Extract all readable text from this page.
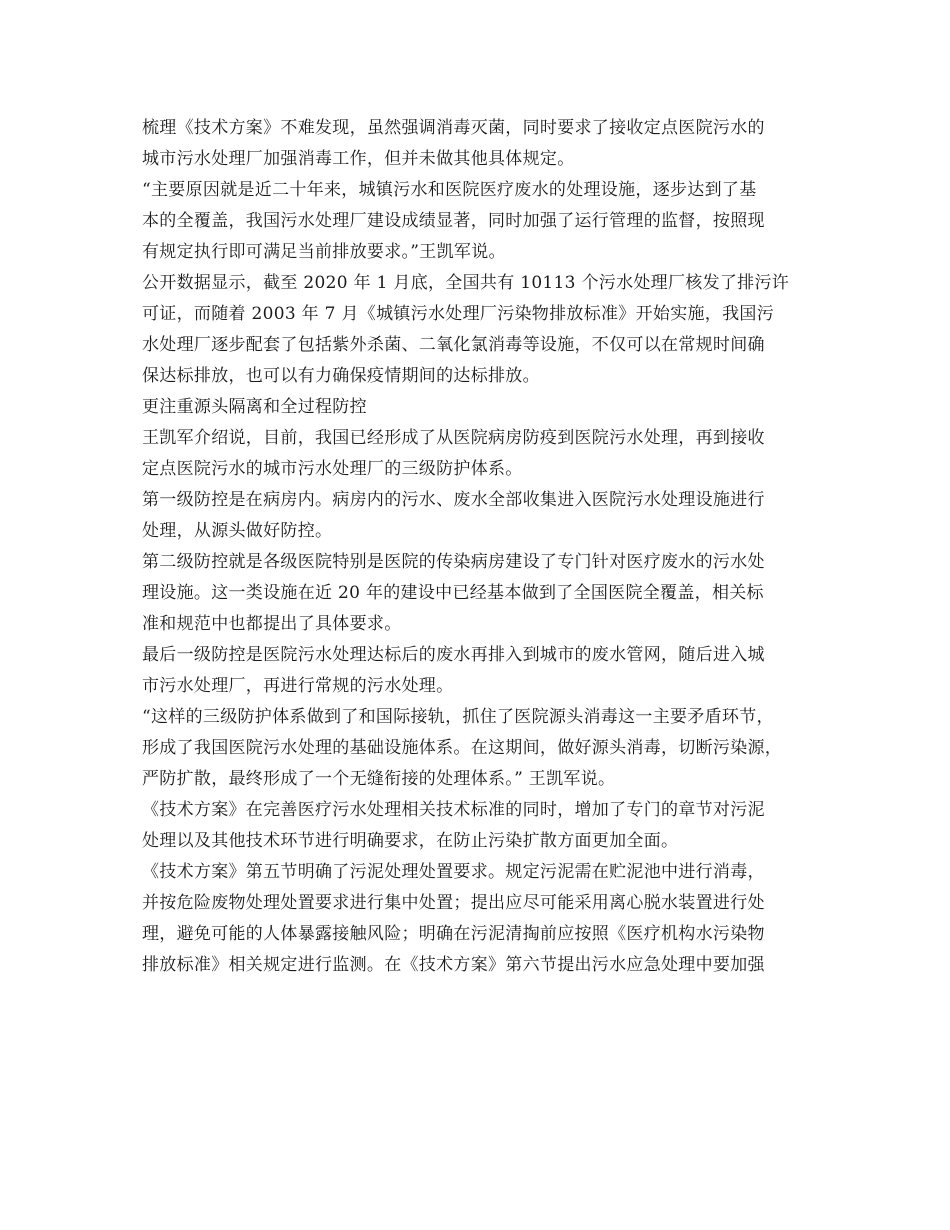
梳理《技术方案》不难发现，虽然强调消毒灭菌，同时要求了接收定点医院污水的
城市污水处理厂加强消毒工作，但并未做其他具体规定。
“主要原因就是近二十年来，城镇污水和医院医疗废水的处理设施，逐步达到了基
本的全覆盖，我国污水处理厂建设成绩显著，同时加强了运行管理的监督，按照现
有规定执行即可满足当前排放要求。”王凯军说。
公开数据显示，截至 2020 年 1 月底，全国共有 10113 个污水处理厂核发了排污许
可证，而随着 2003 年 7 月《城镇污水处理厂污染物排放标准》开始实施，我国污
水处理厂逐步配套了包括紫外杀菌、二氧化氯消毒等设施，不仅可以在常规时间确
保达标排放，也可以有力确保疫情期间的达标排放。
更注重源头隔离和全过程防控
王凯军介绍说，目前，我国已经形成了从医院病房防疫到医院污水处理，再到接收
定点医院污水的城市污水处理厂的三级防护体系。
第一级防控是在病房内。病房内的污水、废水全部收集进入医院污水处理设施进行
处理，从源头做好防控。
第二级防控就是各级医院特别是医院的传染病房建设了专门针对医疗废水的污水处
理设施。这一类设施在近 20 年的建设中已经基本做到了全国医院全覆盖，相关标
准和规范中也都提出了具体要求。
最后一级防控是医院污水处理达标后的废水再排入到城市的废水管网，随后进入城
市污水处理厂，再进行常规的污水处理。
“这样的三级防护体系做到了和国际接轨，抓住了医院源头消毒这一主要矛盾环节，
形成了我国医院污水处理的基础设施体系。在这期间，做好源头消毒，切断污染源，
严防扩散，最终形成了一个无缝衔接的处理体系。” 王凯军说。
《技术方案》在完善医疗污水处理相关技术标准的同时，增加了专门的章节对污泥
处理以及其他技术环节进行明确要求，在防止污染扩散方面更加全面。
《技术方案》第五节明确了污泥处理处置要求。规定污泥需在贮泥池中进行消毒，
并按危险废物处理处置要求进行集中处置；提出应尽可能采用离心脱水装置进行处
理，避免可能的人体暴露接触风险；明确在污泥清掏前应按照《医疗机构水污染物
排放标准》相关规定进行监测。在《技术方案》第六节提出污水应急处理中要加强
